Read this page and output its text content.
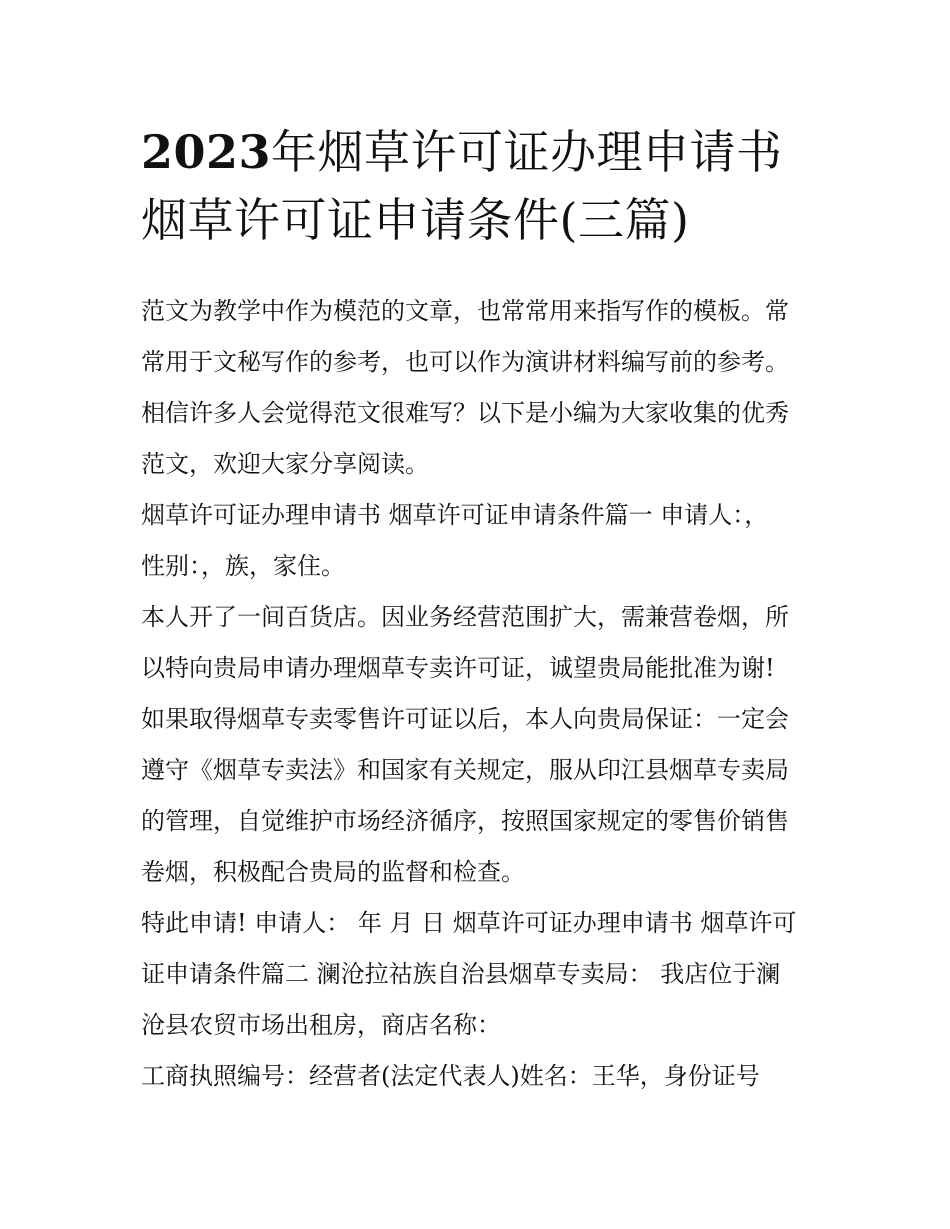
2023年烟草许可证办理申请书
烟草许可证申请条件(三篇)

范文为教学中作为模范的文章，也常常用来指写作的模板。常
常用于文秘写作的参考，也可以作为演讲材料编写前的参考。
相信许多人会觉得范文很难写？以下是小编为大家收集的优秀
范文，欢迎大家分享阅读。

烟草许可证办理申请书 烟草许可证申请条件篇一 申请人：，
性别：，族，家住。

本人开了一间百货店。因业务经营范围扩大，需兼营卷烟，所
以特向贵局申请办理烟草专卖许可证，诚望贵局能批准为谢!
如果取得烟草专卖零售许可证以后，本人向贵局保证：一定会
遵守《烟草专卖法》和国家有关规定，服从印江县烟草专卖局
的管理，自觉维护市场经济循序，按照国家规定的零售价销售
卷烟，积极配合贵局的监督和检查。

特此申请! 申请人： 年 月 日 烟草许可证办理申请书 烟草许可
证申请条件篇二 澜沧拉祜族自治县烟草专卖局： 我店位于澜
沧县农贸市场出租房，商店名称：

工商执照编号：经营者(法定代表人)姓名：王华，身份证号
